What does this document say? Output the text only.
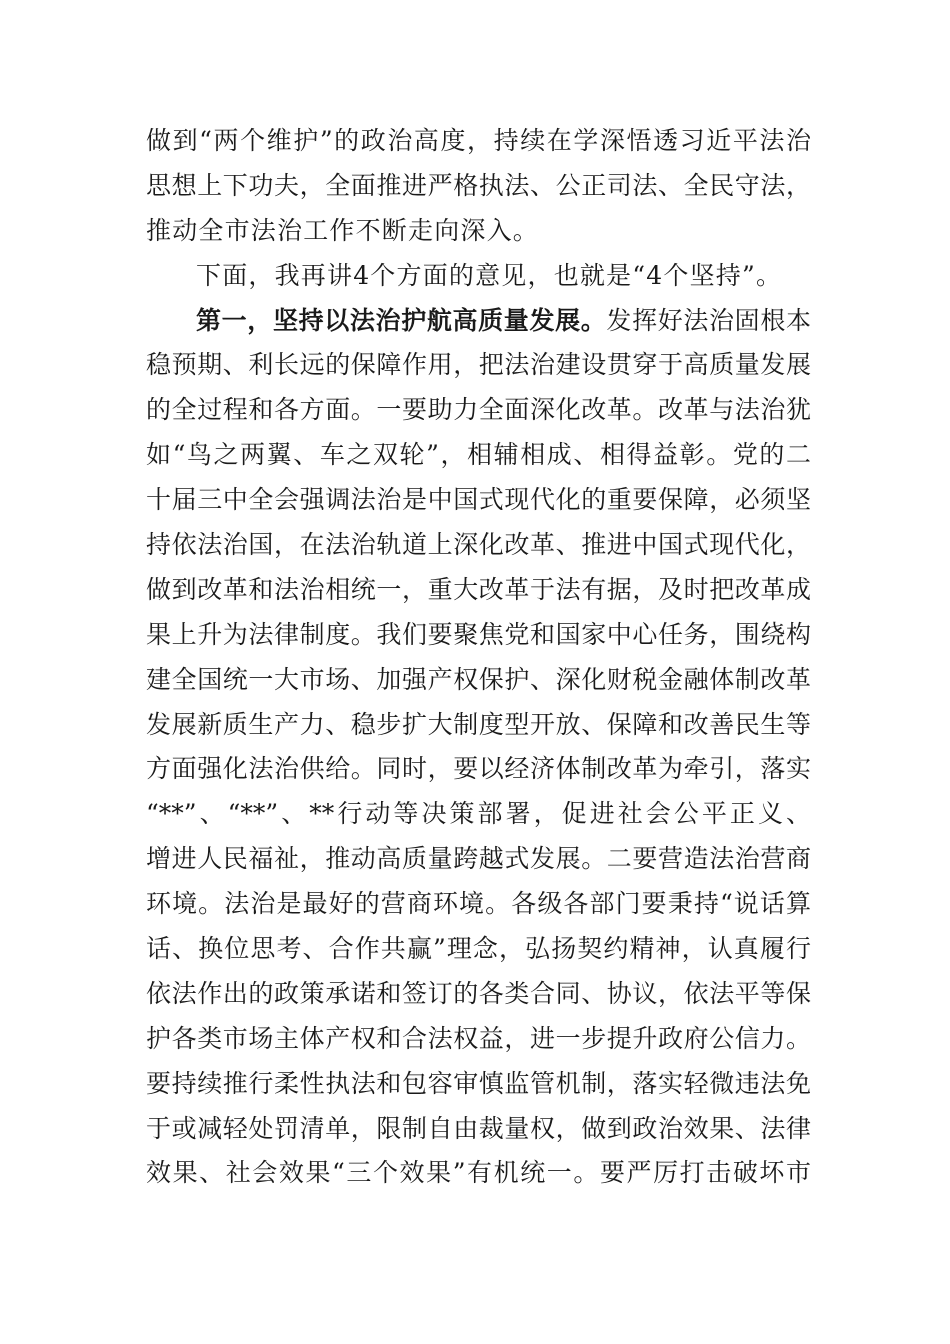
做到“两个维护”的政治高度，持续在学深悟透习近平法治
思想上下功夫，全面推进严格执法、公正司法、全民守法，
推动全市法治工作不断走向深入。
下面，我再讲4个方面的意见，也就是“4个坚持”。
第一，坚持以法治护航高质量发展。发挥好法治固根本
稳预期、利长远的保障作用，把法治建设贯穿于高质量发展
的全过程和各方面。一要助力全面深化改革。改革与法治犹
如“鸟之两翼、车之双轮”，相辅相成、相得益彰。党的二
十届三中全会强调法治是中国式现代化的重要保障，必须坚
持依法治国，在法治轨道上深化改革、推进中国式现代化，
做到改革和法治相统一，重大改革于法有据，及时把改革成
果上升为法律制度。我们要聚焦党和国家中心任务，围绕构
建全国统一大市场、加强产权保护、深化财税金融体制改革
发展新质生产力、稳步扩大制度型开放、保障和改善民生等
方面强化法治供给。同时，要以经济体制改革为牵引，落实
“**”、“**”、**行动等决策部署，促进社会公平正义、
增进人民福祉，推动高质量跨越式发展。二要营造法治营商
环境。法治是最好的营商环境。各级各部门要秉持“说话算
话、换位思考、合作共赢”理念，弘扬契约精神，认真履行
依法作出的政策承诺和签订的各类合同、协议，依法平等保
护各类市场主体产权和合法权益，进一步提升政府公信力。
要持续推行柔性执法和包容审慎监管机制，落实轻微违法免
于或减轻处罚清单，限制自由裁量权，做到政治效果、法律
效果、社会效果“三个效果”有机统一。要严厉打击破坏市
